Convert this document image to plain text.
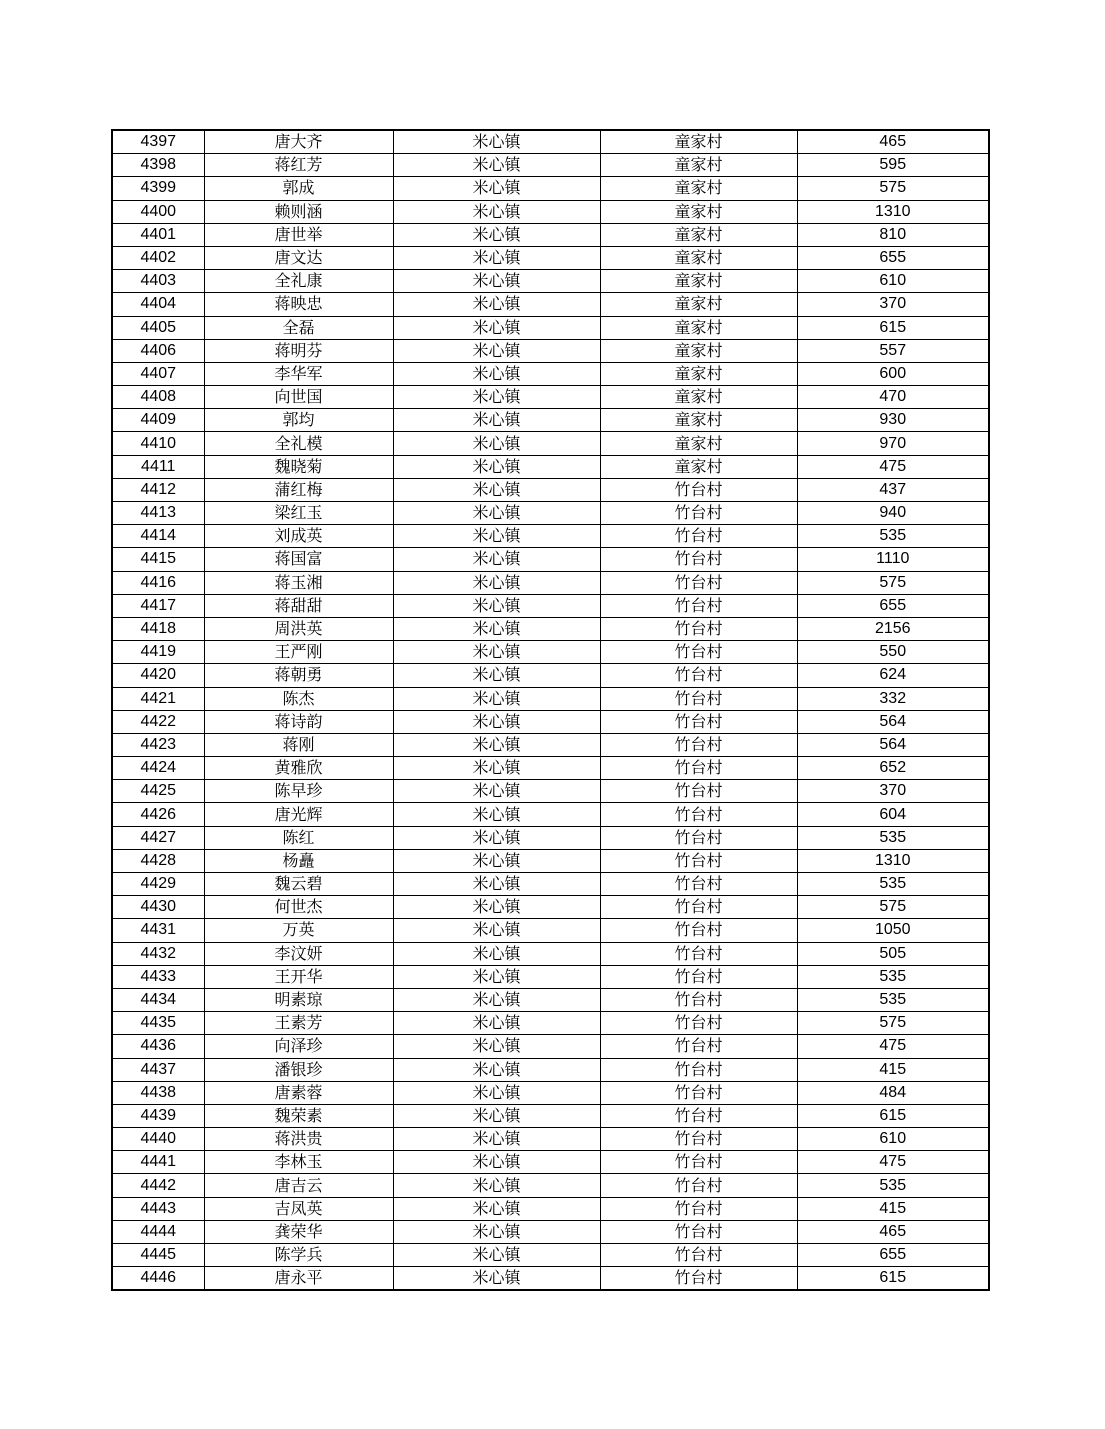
4397	唐大齐	米心镇	童家村	465
4398	蒋红芳	米心镇	童家村	595
4399	郭成	米心镇	童家村	575
4400	赖则涵	米心镇	童家村	1310
4401	唐世举	米心镇	童家村	810
4402	唐文达	米心镇	童家村	655
4403	全礼康	米心镇	童家村	610
4404	蒋映忠	米心镇	童家村	370
4405	全磊	米心镇	童家村	615
4406	蒋明芬	米心镇	童家村	557
4407	李华军	米心镇	童家村	600
4408	向世国	米心镇	童家村	470
4409	郭均	米心镇	童家村	930
4410	全礼模	米心镇	童家村	970
4411	魏晓菊	米心镇	童家村	475
4412	蒲红梅	米心镇	竹台村	437
4413	梁红玉	米心镇	竹台村	940
4414	刘成英	米心镇	竹台村	535
4415	蒋国富	米心镇	竹台村	1110
4416	蒋玉湘	米心镇	竹台村	575
4417	蒋甜甜	米心镇	竹台村	655
4418	周洪英	米心镇	竹台村	2156
4419	王严刚	米心镇	竹台村	550
4420	蒋朝勇	米心镇	竹台村	624
4421	陈杰	米心镇	竹台村	332
4422	蒋诗韵	米心镇	竹台村	564
4423	蒋刚	米心镇	竹台村	564
4424	黄雅欣	米心镇	竹台村	652
4425	陈早珍	米心镇	竹台村	370
4426	唐光辉	米心镇	竹台村	604
4427	陈红	米心镇	竹台村	535
4428	杨矗	米心镇	竹台村	1310
4429	魏云碧	米心镇	竹台村	535
4430	何世杰	米心镇	竹台村	575
4431	万英	米心镇	竹台村	1050
4432	李汶妍	米心镇	竹台村	505
4433	王开华	米心镇	竹台村	535
4434	明素琼	米心镇	竹台村	535
4435	王素芳	米心镇	竹台村	575
4436	向泽珍	米心镇	竹台村	475
4437	潘银珍	米心镇	竹台村	415
4438	唐素蓉	米心镇	竹台村	484
4439	魏荣素	米心镇	竹台村	615
4440	蒋洪贵	米心镇	竹台村	610
4441	李林玉	米心镇	竹台村	475
4442	唐吉云	米心镇	竹台村	535
4443	吉凤英	米心镇	竹台村	415
4444	龚荣华	米心镇	竹台村	465
4445	陈学兵	米心镇	竹台村	655
4446	唐永平	米心镇	竹台村	615
